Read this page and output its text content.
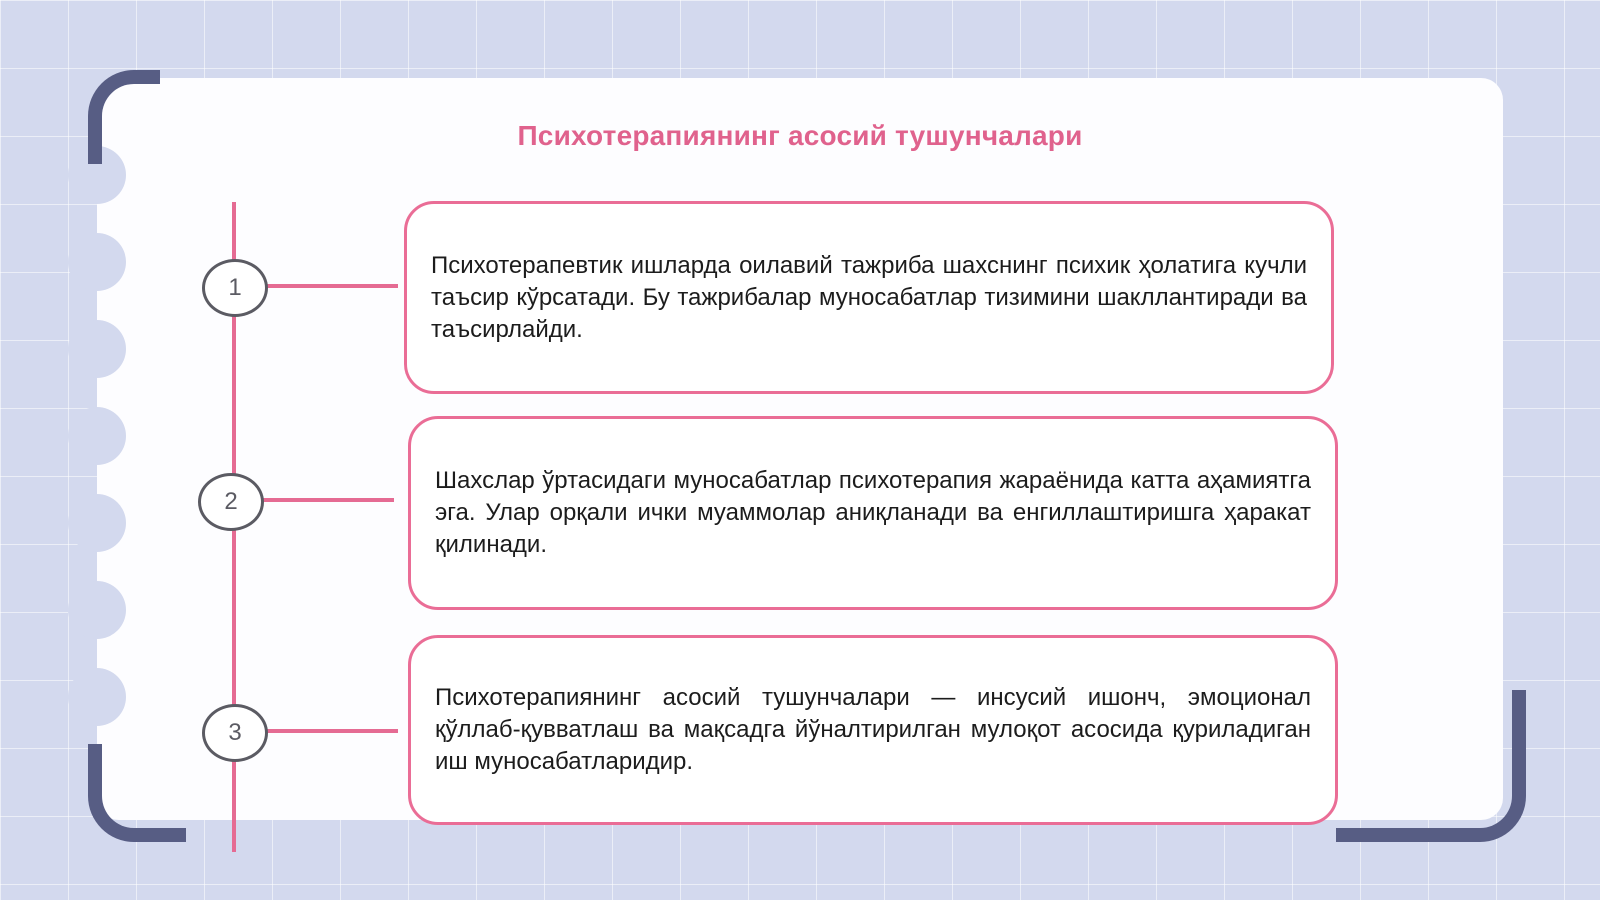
Психотерапиянинг асосий тушунчалари
1
2
3
Психотерапевтик ишларда оилавий тажриба шахснинг психик ҳолатига кучли таъсир кўрсатади. Бу тажрибалар муносабатлар тизимини шакллантиради ва таъсирлайди.
Шахслар ўртасидаги муносабатлар психотерапия жараёнида катта аҳамиятга эга. Улар орқали ички муаммолар аниқланади ва енгиллаштиришга ҳаракат қилинади.
Психотерапиянинг асосий тушунчалари — инсусий ишонч, эмоционал қўллаб-қувватлаш ва мақсадга йўналтирилган мулоқот асосида қуриладиган иш муносабатларидир.
